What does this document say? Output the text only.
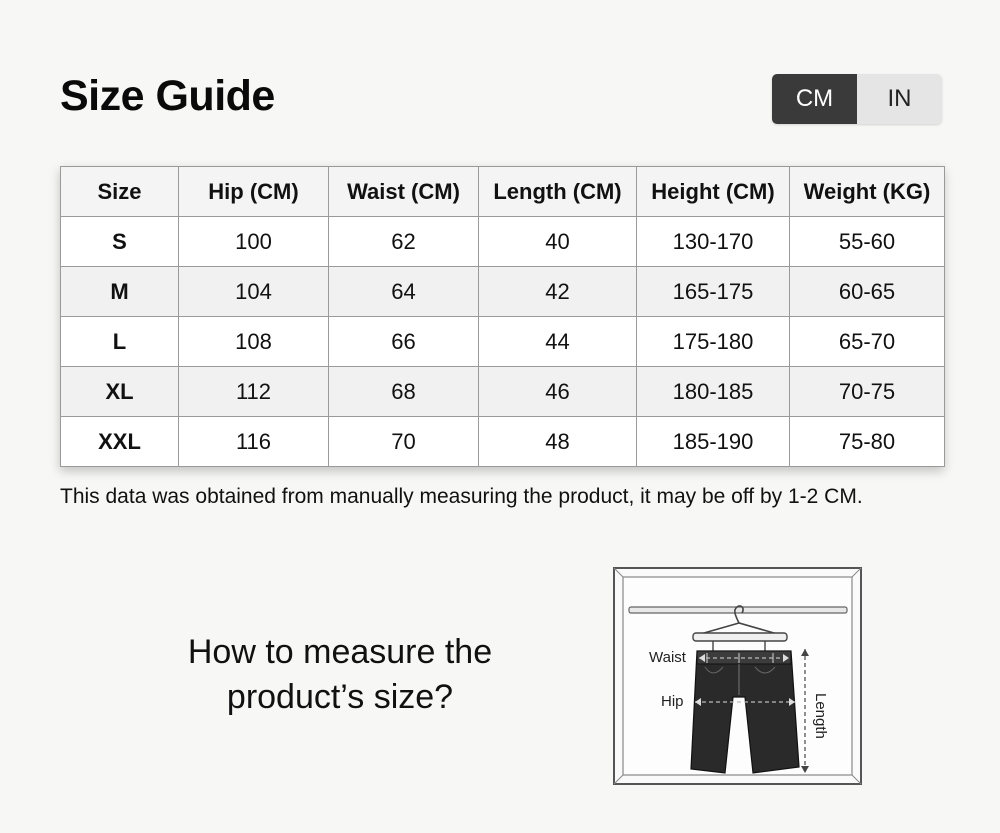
Size Guide	CM	IN
Size	Hip (CM)	Waist (CM)	Length (CM)	Height (CM)	Weight (KG)
S	100	62	40	130-170	55-60
M	104	64	42	165-175	60-65
L	108	66	44	175-180	65-70
XL	112	68	46	180-185	70-75
XXL	116	70	48	185-190	75-80
This data was obtained from manually measuring the product, it may be off by 1-2 CM.
How to measure the
product’s size?
Waist
Hip	Length
